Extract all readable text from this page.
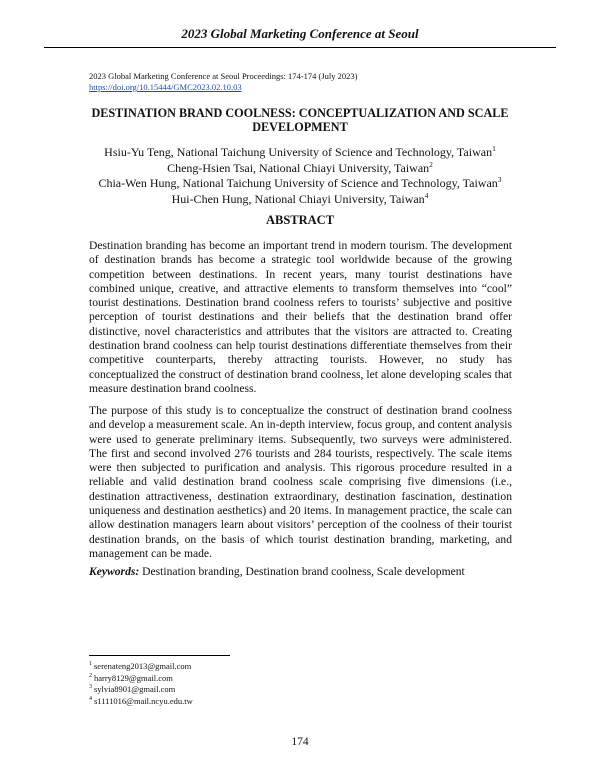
2023 Global Marketing Conference at Seoul
2023 Global Marketing Conference at Seoul Proceedings: 174-174 (July 2023)
https://doi.org/10.15444/GMC2023.02.10.03
DESTINATION BRAND COOLNESS: CONCEPTUALIZATION AND SCALE DEVELOPMENT
Hsiu-Yu Teng, National Taichung University of Science and Technology, Taiwan$^1$
Cheng-Hsien Tsai, National Chiayi University, Taiwan$^2$
Chia-Wen Hung, National Taichung University of Science and Technology, Taiwan$^3$
Hui-Chen Hung, National Chiayi University, Taiwan$^4$
ABSTRACT

Destination branding has become an important trend in modern tourism. The development of destination brands has become a strategic tool worldwide because of the growing competition between destinations. In recent years, many tourist destinations have combined unique, creative, and attractive elements to transform themselves into “cool” tourist destinations. Destination brand coolness refers to tourists’ subjective and positive perception of tourist destinations and their beliefs that the destination brand offer distinctive, novel characteristics and attributes that the visitors are attracted to. Creating destination brand coolness can help tourist destinations differentiate themselves from their competitive counterparts, thereby attracting tourists. However, no study has conceptualized the construct of destination brand coolness, let alone developing scales that measure destination brand coolness.

The purpose of this study is to conceptualize the construct of destination brand coolness and develop a measurement scale. An in-depth interview, focus group, and content analysis were used to generate preliminary items. Subsequently, two surveys were administered. The first and second involved 276 tourists and 284 tourists, respectively. The scale items were then subjected to purification and analysis. This rigorous procedure resulted in a reliable and valid destination brand coolness scale comprising five dimensions (i.e., destination attractiveness, destination extraordinary, destination fascination, destination uniqueness and destination aesthetics) and 20 items. In management practice, the scale can allow destination managers learn about visitors’ perception of the coolness of their tourist destination brands, on the basis of which tourist destination branding, marketing, and management can be made.

Keywords: Destination branding, Destination brand coolness, Scale development

$^1$ serenateng2013@gmail.com
$^2$ harry8129@gmail.com
$^3$ sylvia8901@gmail.com
$^4$ s1111016@mail.ncyu.edu.tw
174
